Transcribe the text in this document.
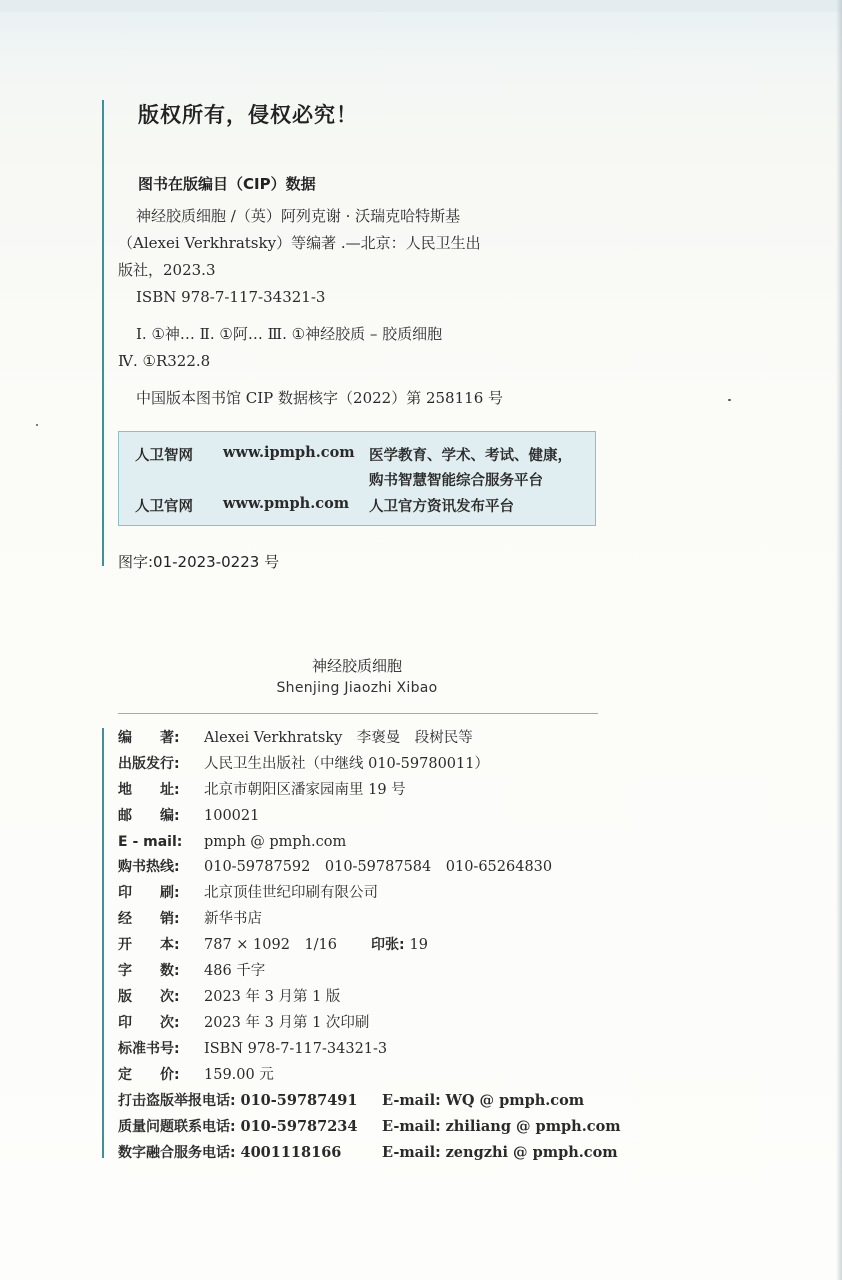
版权所有，侵权必究！
图书在版编目（CIP）数据
神经胶质细胞 /（英）阿列克谢 · 沃瑞克哈特斯基
（Alexei Verkhratsky）等编著 .—北京：人民卫生出
版社，2023.3
ISBN 978-7-117-34321-3
Ⅰ. ①神… Ⅱ. ①阿… Ⅲ. ①神经胶质 – 胶质细胞
Ⅳ. ①R322.8
中国版本图书馆 CIP 数据核字（2022）第 258116 号
人卫智网 www.ipmph.com 医学教育、学术、考试、健康，
购书智慧智能综合服务平台
人卫官网 www.pmph.com 人卫官方资讯发布平台
图字:01-2023-0223 号
神经胶质细胞
Shenjing Jiaozhi Xibao
编　　著: Alexei Verkhratsky　李褒曼　段树民等
出版发行: 人民卫生出版社（中继线 010-59780011）
地　　址: 北京市朝阳区潘家园南里 19 号
邮　　编: 100021
E - mail: pmph @ pmph.com
购书热线: 010-59787592　010-59787584　010-65264830
印　　刷: 北京顶佳世纪印刷有限公司
经　　销: 新华书店
开　　本: 787 × 1092　1/16 印张: 19
字　　数: 486 千字
版　　次: 2023 年 3 月第 1 版
印　　次: 2023 年 3 月第 1 次印刷
标准书号: ISBN 978-7-117-34321-3
定　　价: 159.00 元
打击盗版举报电话: 010-59787491 E-mail: WQ @ pmph.com
质量问题联系电话: 010-59787234 E-mail: zhiliang @ pmph.com
数字融合服务电话: 4001118166	E-mail: zengzhi @ pmph.com
